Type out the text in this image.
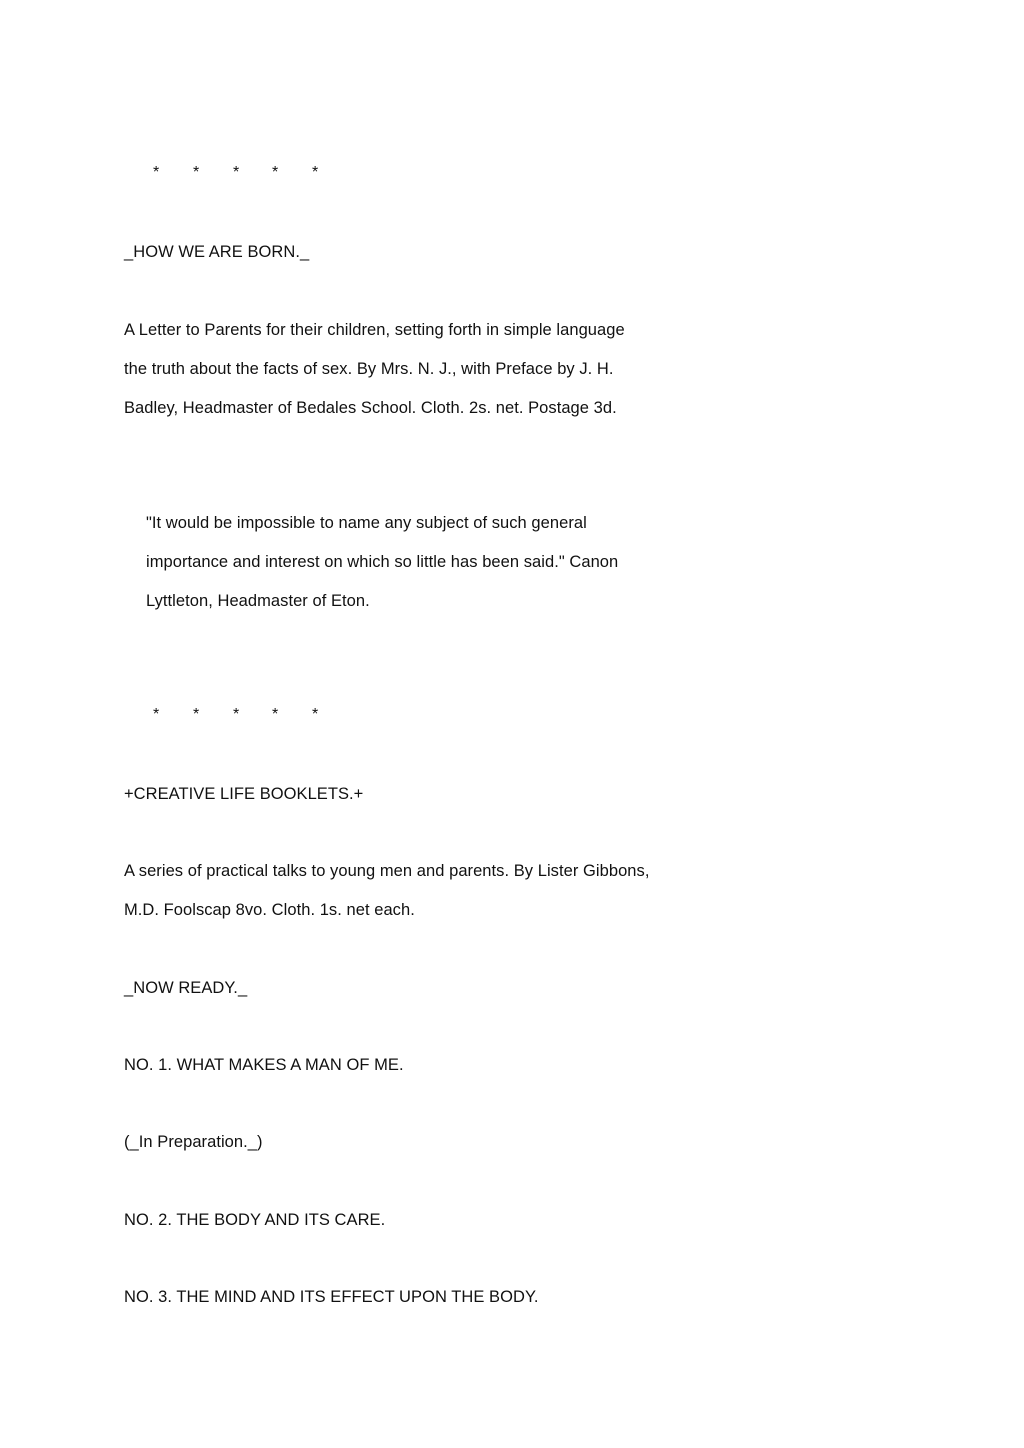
* * * * *
_HOW WE ARE BORN._
A Letter to Parents for their children, setting forth in simple language
the truth about the facts of sex. By Mrs. N. J., with Preface by J. H.
Badley, Headmaster of Bedales School. Cloth. 2s. net. Postage 3d.
"It would be impossible to name any subject of such general
importance and interest on which so little has been said." Canon
Lyttleton, Headmaster of Eton.
* * * * *
+CREATIVE LIFE BOOKLETS.+
A series of practical talks to young men and parents. By Lister Gibbons,
M.D. Foolscap 8vo. Cloth. 1s. net each.
_NOW READY._
NO. 1. WHAT MAKES A MAN OF ME.
(_In Preparation._)
NO. 2. THE BODY AND ITS CARE.
NO. 3. THE MIND AND ITS EFFECT UPON THE BODY.
